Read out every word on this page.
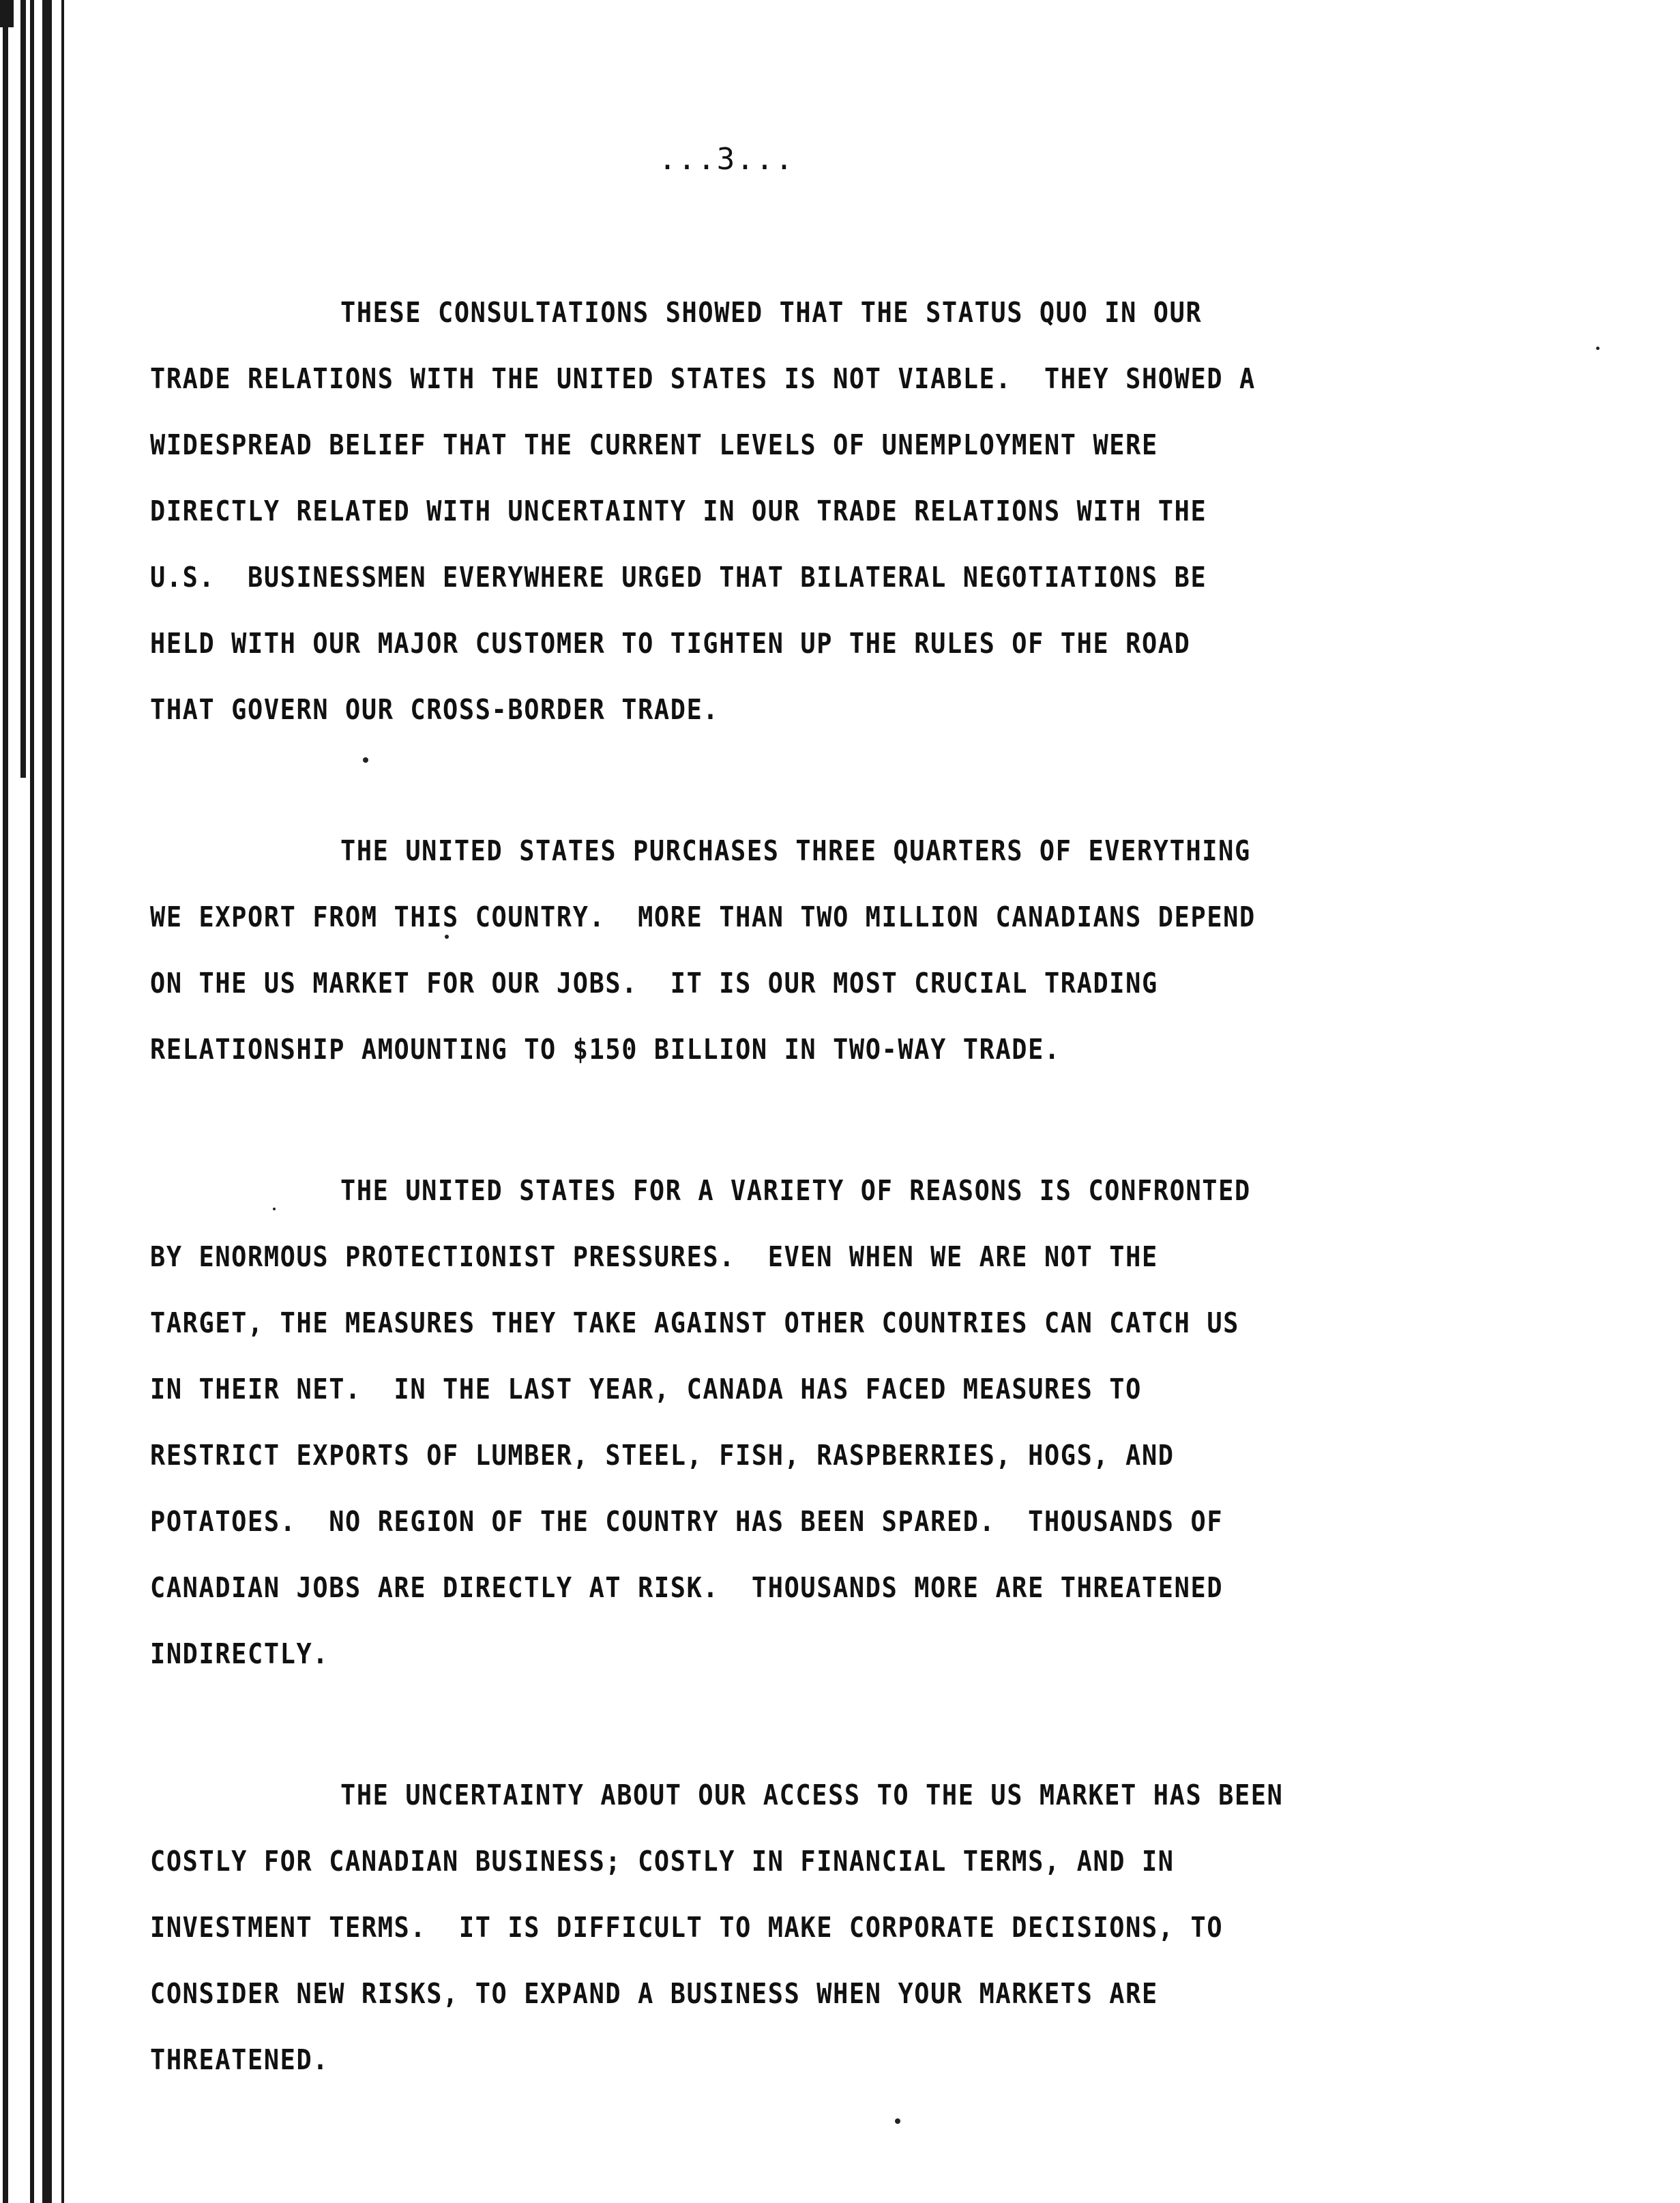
...3...
THESE CONSULTATIONS SHOWED THAT THE STATUS QUO IN OUR
TRADE RELATIONS WITH THE UNITED STATES IS NOT VIABLE.  THEY SHOWED A
WIDESPREAD BELIEF THAT THE CURRENT LEVELS OF UNEMPLOYMENT WERE
DIRECTLY RELATED WITH UNCERTAINTY IN OUR TRADE RELATIONS WITH THE
U.S.  BUSINESSMEN EVERYWHERE URGED THAT BILATERAL NEGOTIATIONS BE
HELD WITH OUR MAJOR CUSTOMER TO TIGHTEN UP THE RULES OF THE ROAD
THAT GOVERN OUR CROSS-BORDER TRADE.
THE UNITED STATES PURCHASES THREE QUARTERS OF EVERYTHING
WE EXPORT FROM THIS COUNTRY.  MORE THAN TWO MILLION CANADIANS DEPEND
ON THE US MARKET FOR OUR JOBS.  IT IS OUR MOST CRUCIAL TRADING
RELATIONSHIP AMOUNTING TO $150 BILLION IN TWO-WAY TRADE.
THE UNITED STATES FOR A VARIETY OF REASONS IS CONFRONTED
BY ENORMOUS PROTECTIONIST PRESSURES.  EVEN WHEN WE ARE NOT THE
TARGET, THE MEASURES THEY TAKE AGAINST OTHER COUNTRIES CAN CATCH US
IN THEIR NET.  IN THE LAST YEAR, CANADA HAS FACED MEASURES TO
RESTRICT EXPORTS OF LUMBER, STEEL, FISH, RASPBERRIES, HOGS, AND
POTATOES.  NO REGION OF THE COUNTRY HAS BEEN SPARED.  THOUSANDS OF
CANADIAN JOBS ARE DIRECTLY AT RISK.  THOUSANDS MORE ARE THREATENED
INDIRECTLY.
THE UNCERTAINTY ABOUT OUR ACCESS TO THE US MARKET HAS BEEN
COSTLY FOR CANADIAN BUSINESS; COSTLY IN FINANCIAL TERMS, AND IN
INVESTMENT TERMS.  IT IS DIFFICULT TO MAKE CORPORATE DECISIONS, TO
CONSIDER NEW RISKS, TO EXPAND A BUSINESS WHEN YOUR MARKETS ARE
THREATENED.
